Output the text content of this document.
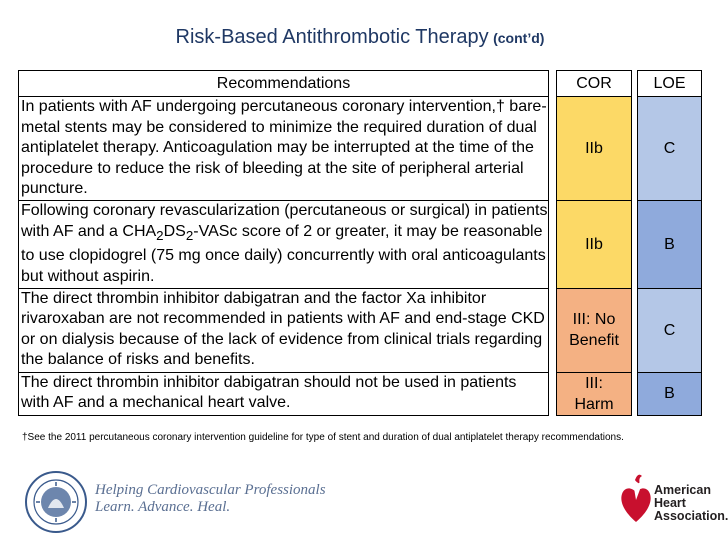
Risk-Based Antithrombotic Therapy (cont’d)
Recommendations		COR		LOE
In patients with AF undergoing percutaneous coronary intervention,† bare-metal stents may be considered to minimize the required duration of dual antiplatelet therapy. Anticoagulation may be interrupted at the time of the procedure to reduce the risk of bleeding at the site of peripheral arterial puncture.		IIb		C
Following coronary revascularization (percutaneous or surgical) in patients with AF and a $CHA_2DS_2$-VASc score of 2 or greater, it may be reasonable to use clopidogrel (75 mg once daily) concurrently with oral anticoagulants but without aspirin.		IIb		B
The direct thrombin inhibitor dabigatran and the factor Xa inhibitor rivaroxaban are not recommended in patients with AF and end-stage CKD or on dialysis because of the lack of evidence from clinical trials regarding the balance of risks and benefits.		III: No Benefit		C
The direct thrombin inhibitor dabigatran should not be used in patients with AF and a mechanical heart valve.		III: Harm		B
†See the 2011 percutaneous coronary intervention guideline for type of stent and duration of dual antiplatelet therapy recommendations.
Helping Cardiovascular Professionals
Learn. Advance. Heal.
American
Heart
Association.
